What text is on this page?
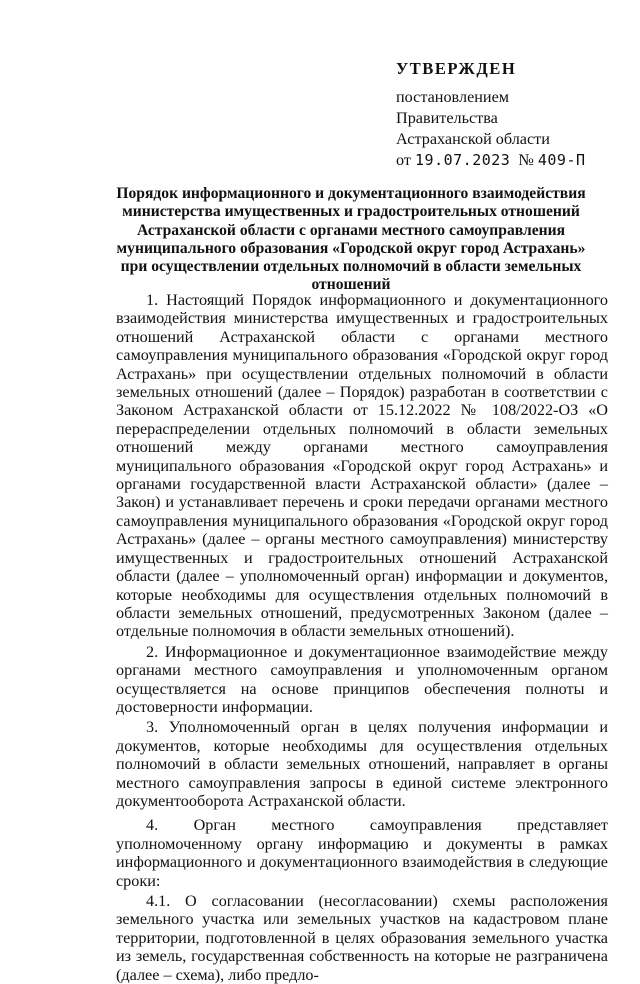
УТВЕРЖДЕН
постановлением
Правительства
Астраханской области
от 19.07.2023 № 409-П
Порядок информационного и документационного взаимодействия министерства имущественных и градостроительных отношений Астраханской области с органами местного самоуправления муниципального образования «Городской округ город Астрахань» при осуществлении отдельных полномочий в области земельных отношений

1. Настоящий Порядок информационного и документационного взаимодействия министерства имущественных и градостроительных отношений Астраханской области с органами местного самоуправления муниципального образования «Городской округ город Астрахань» при осуществлении отдельных полномочий в области земельных отношений (далее – Порядок) разработан в соответствии с Законом Астраханской области от 15.12.2022 № 108/2022-ОЗ «О перераспределении отдельных полномочий в области земельных отношений между органами местного самоуправления муниципального образования «Городской округ город Астрахань» и органами государственной власти Астраханской области» (далее – Закон) и устанавливает перечень и сроки передачи органами местного самоуправления муниципального образования «Городской округ город Астрахань» (далее – органы местного самоуправления) министерству имущественных и градостроительных отношений Астраханской области (далее – уполномоченный орган) информации и документов, которые необходимы для осуществления отдельных полномочий в области земельных отношений, предусмотренных Законом (далее – отдельные полномочия в области земельных отношений).

2. Информационное и документационное взаимодействие между органами местного самоуправления и уполномоченным органом осуществляется на основе принципов обеспечения полноты и достоверности информации.

3. Уполномоченный орган в целях получения информации и документов, которые необходимы для осуществления отдельных полномочий в области земельных отношений, направляет в органы местного самоуправления запросы в единой системе электронного документооборота Астраханской области.

4. Орган местного самоуправления представляет уполномоченному органу информацию и документы в рамках информационного и документационного взаимодействия в следующие сроки:

4.1. О согласовании (несогласовании) схемы расположения земельного участка или земельных участков на кадастровом плане территории, подготовленной в целях образования земельного участка из земель, государственная собственность на которые не разграничена (далее – схема), либо предло-
